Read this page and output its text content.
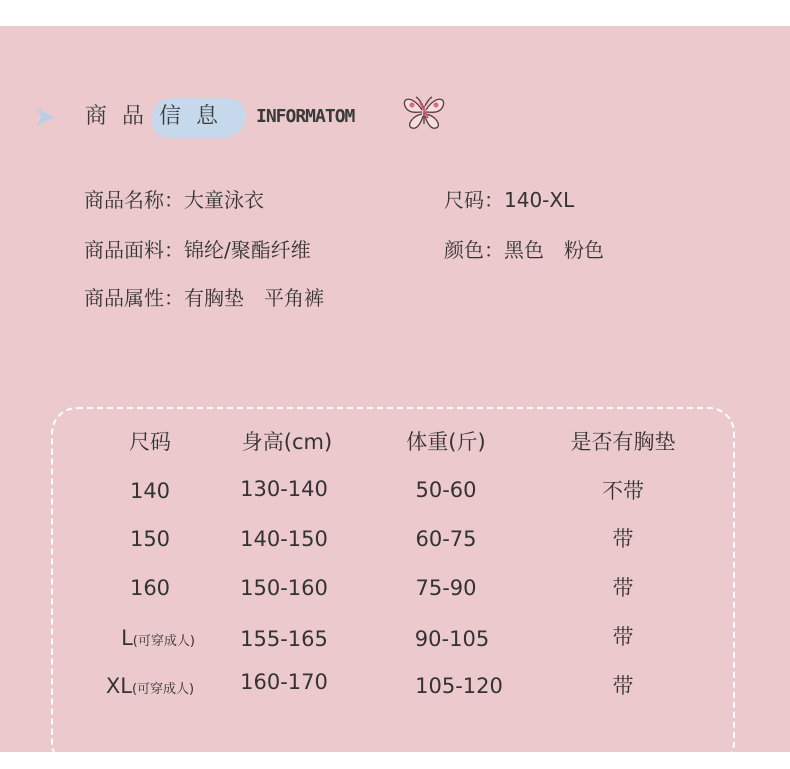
商 品 信 息	INFORMATOM
商品名称：大童泳衣
商品面料：锦纶/聚酯纤维
商品属性：有胸垫　平角裤
尺码：140-XL
颜色：黑色　粉色
尺码	身高(cm)	体重(斤)	是否有胸垫
140	130-140	50-60	不带
150	140-150	60-75	带
160	150-160	75-90	带
L(可穿成人) 155-165	90-105	带
XL(可穿成人) 160-170	105-120	带
